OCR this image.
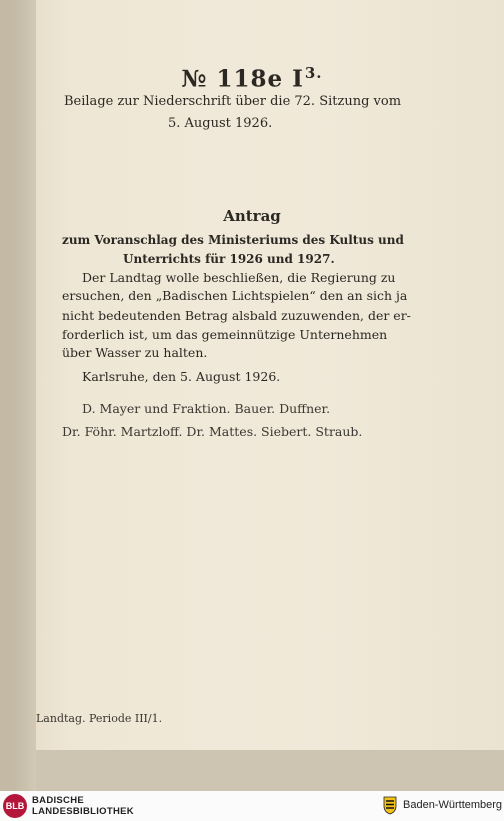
№ 118e $I^{3.}$
Beilage zur Niederschrift über die 72. Sitzung vom
5. August 1926.
Antrag
zum Voranschlag des Ministeriums des Kultus und
Unterrichts für 1926 und 1927.
Der Landtag wolle beschließen, die Regierung zu
ersuchen, den „Badischen Lichtspielen“ den an sich ja
nicht bedeutenden Betrag alsbald zuzuwenden, der er-
forderlich ist, um das gemeinnützige Unternehmen
über Wasser zu halten.
Karlsruhe, den 5. August 1926.
D. Mayer und Fraktion. Bauer. Duffner.
Dr. Föhr. Martzloff. Dr. Mattes. Siebert. Straub.
Landtag. Periode III/1.
BLB BADISCHE
LANDESBIBLIOTHEK
Baden-Württemberg
